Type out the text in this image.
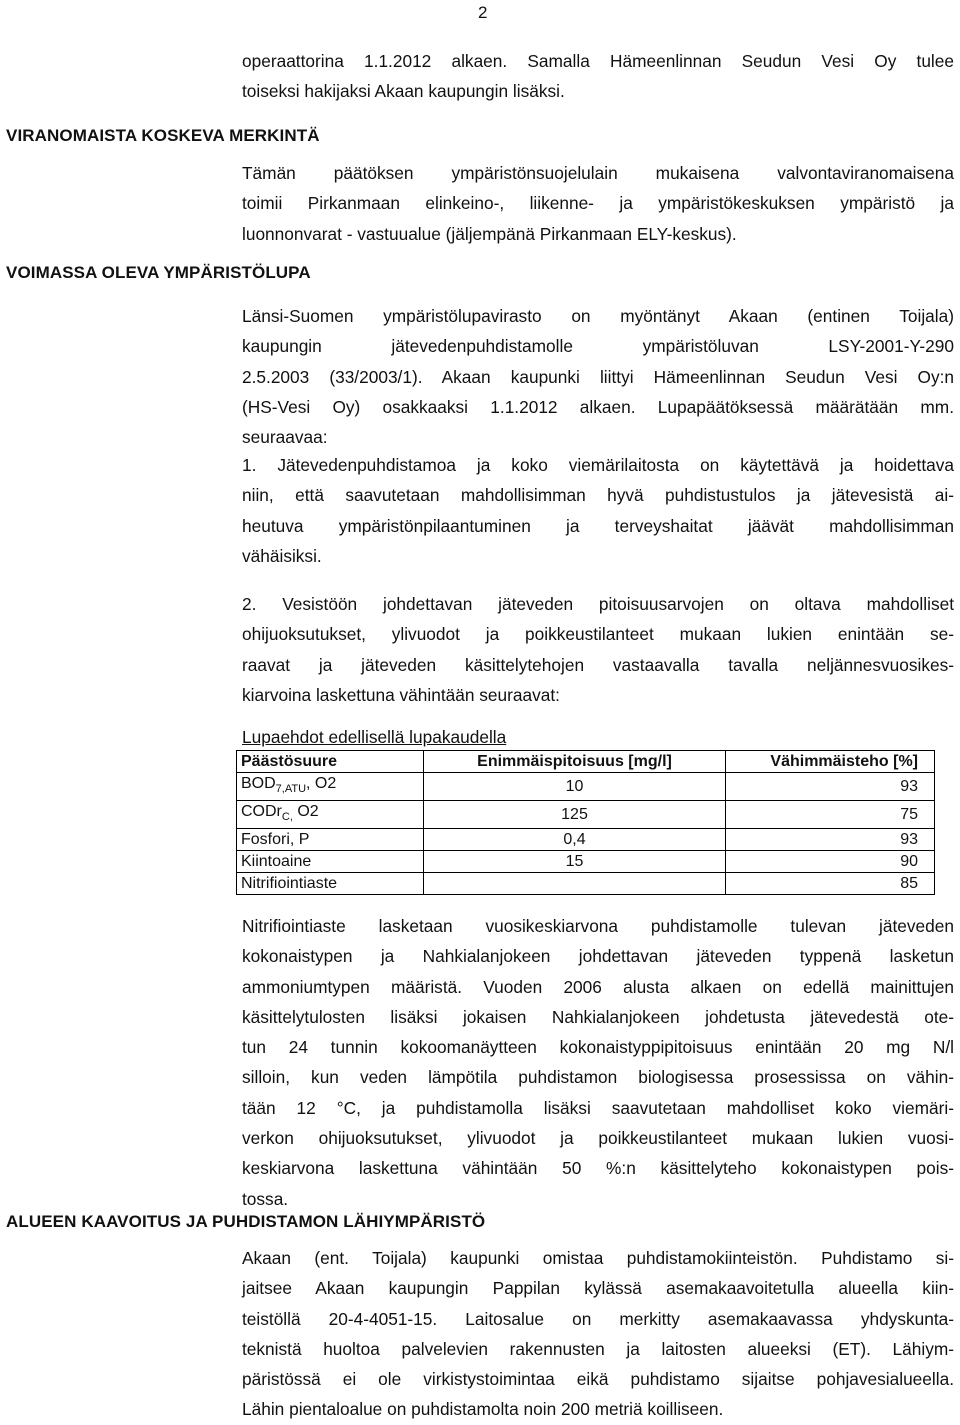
2
operaattorina 1.1.2012 alkaen. Samalla Hämeenlinnan Seudun Vesi Oy tulee
toiseksi hakijaksi Akaan kaupungin lisäksi.
VIRANOMAISTA KOSKEVA MERKINTÄ
Tämän päätöksen ympäristönsuojelulain mukaisena valvontaviranomaisena
toimii Pirkanmaan elinkeino-, liikenne- ja ympäristökeskuksen ympäristö ja
luonnonvarat - vastuualue (jäljempänä Pirkanmaan ELY-keskus).
VOIMASSA OLEVA YMPÄRISTÖLUPA
Länsi-Suomen ympäristölupavirasto on myöntänyt Akaan (entinen Toijala)
kaupungin jätevedenpuhdistamolle ympäristöluvan LSY-2001-Y-290
2.5.2003 (33/2003/1). Akaan kaupunki liittyi Hämeenlinnan Seudun Vesi Oy:n
(HS-Vesi Oy) osakkaaksi 1.1.2012 alkaen. Lupapäätöksessä määrätään mm.
seuraavaa:
1. Jätevedenpuhdistamoa ja koko viemärilaitosta on käytettävä ja hoidettava
niin, että saavutetaan mahdollisimman hyvä puhdistustulos ja jätevesistä ai-
heutuva ympäristönpilaantuminen ja terveyshaitat jäävät mahdollisimman
vähäisiksi.
2. Vesistöön johdettavan jäteveden pitoisuusarvojen on oltava mahdolliset
ohijuoksutukset, ylivuodot ja poikkeustilanteet mukaan lukien enintään se-
raavat ja jäteveden käsittelytehojen vastaavalla tavalla neljännesvuosikes-
kiarvoina laskettuna vähintään seuraavat:
Lupaehdot edellisellä lupakaudella
Päästösuure	Enimmäispitoisuus [mg/l]	Vähimmäisteho [%]
$BOD_{7,ATU}$, O2	10	93
CODr$_{C,}$ O2	125	75
Fosfori, P	0,4	93
Kiintoaine	15	90
Nitrifiointiaste		85
Nitrifiointiaste lasketaan vuosikeskiarvona puhdistamolle tulevan jäteveden
kokonaistypen ja Nahkialanjokeen johdettavan jäteveden typpenä lasketun
ammoniumtypen määristä. Vuoden 2006 alusta alkaen on edellä mainittujen
käsittelytulosten lisäksi jokaisen Nahkialanjokeen johdetusta jätevedestä ote-
tun 24 tunnin kokoomanäytteen kokonaistyppipitoisuus enintään 20 mg N/l
silloin, kun veden lämpötila puhdistamon biologisessa prosessissa on vähin-
tään 12 °C, ja puhdistamolla lisäksi saavutetaan mahdolliset koko viemäri-
verkon ohijuoksutukset, ylivuodot ja poikkeustilanteet mukaan lukien vuosi-
keskiarvona laskettuna vähintään 50 %:n käsittelyteho kokonaistypen pois-
tossa.
ALUEEN KAAVOITUS JA PUHDISTAMON LÄHIYMPÄRISTÖ
Akaan (ent. Toijala) kaupunki omistaa puhdistamokiinteistön. Puhdistamo si-
jaitsee Akaan kaupungin Pappilan kylässä asemakaavoitetulla alueella kiin-
teistöllä 20-4-4051-15. Laitosalue on merkitty asemakaavassa yhdyskunta-
teknistä huoltoa palvelevien rakennusten ja laitosten alueeksi (ET). Lähiym-
päristössä ei ole virkistystoimintaa eikä puhdistamo sijaitse pohjavesialueella.
Lähin pientaloalue on puhdistamolta noin 200 metriä koilliseen.
